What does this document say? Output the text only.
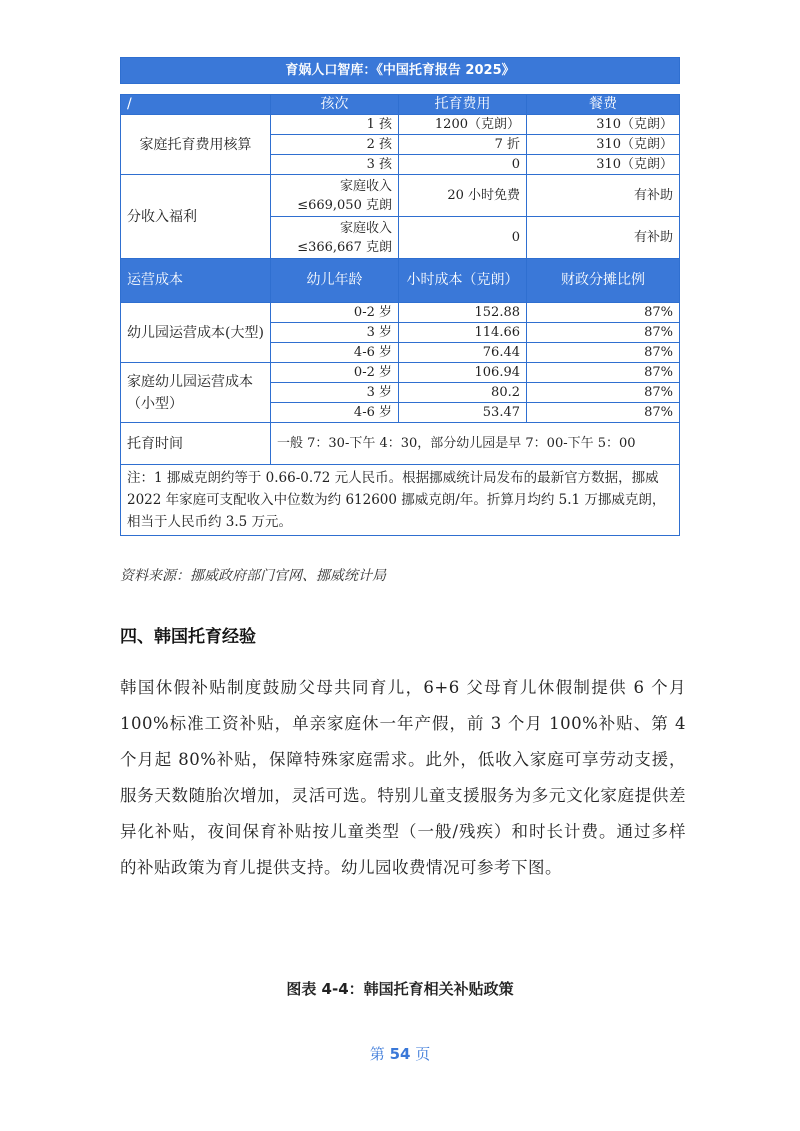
育娲人口智库：《中国托育报告 2025》			

/	孩次	托育费用	餐费
家庭托育费用核算	1 孩	1200（克朗）	310（克朗）
	2 孩	7 折	310（克朗）
	3 孩	0	310（克朗）
分收入福利	家庭收入≤669,050 克朗	20 小时免费	有补助
	家庭收入≤366,667 克朗	0	有补助
运营成本	幼儿年龄	小时成本（克朗）	财政分摊比例
幼儿园运营成本(大型)	0-2 岁	152.88	87%
	3 岁	114.66	87%
	4-6 岁	76.44	87%
家庭幼儿园运营成本（小型）	0-2 岁	106.94	87%
	3 岁	80.2	87%
	4-6 岁	53.47	87%
托育时间	一般 7：30-下午 4：30，部分幼儿园是早 7：00-下午 5：00		
注：1 挪威克朗约等于 0.66-0.72 元人民币。根据挪威统计局发布的最新官方数据，挪威 2022 年家庭可支配收入中位数为约 612600 挪威克朗/年。折算月均约 5.1 万挪威克朗，相当于人民币约 3.5 万元。			
资料来源：挪威政府部门官网、挪威统计局
四、韩国托育经验
韩国休假补贴制度鼓励父母共同育儿，6+6 父母育儿休假制提供 6 个月 100%标准工资补贴，单亲家庭休一年产假，前 3 个月 100%补贴、第 4 个月起 80%补贴，保障特殊家庭需求。此外，低收入家庭可享劳动支援，服务天数随胎次增加，灵活可选。特别儿童支援服务为多元文化家庭提供差异化补贴，夜间保育补贴按儿童类型（一般/残疾）和时长计费。通过多样的补贴政策为育儿提供支持。幼儿园收费情况可参考下图。
图表 4-4：韩国托育相关补贴政策
第 54 页
